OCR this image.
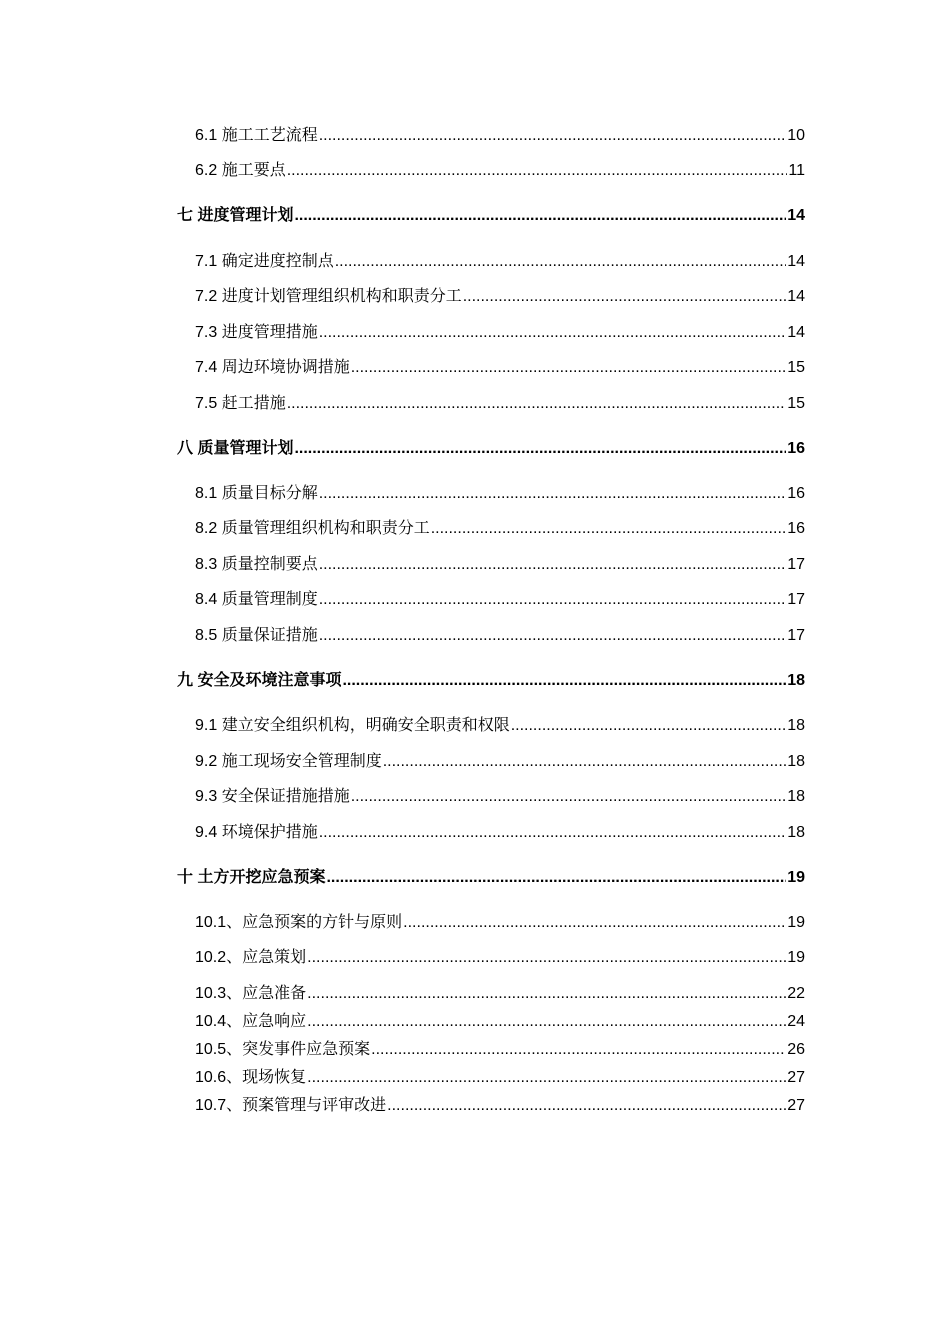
6.1 施工工艺流程 .....	10
6.2 施工要点 .....	11
七 进度管理计划 .....	14
7.1 确定进度控制点 .....	14
7.2 进度计划管理组织机构和职责分工 .....	14
7.3 进度管理措施 .....	14
7.4 周边环境协调措施 .....	15
7.5 赶工措施 .....	15
八 质量管理计划 .....	16
8.1 质量目标分解 .....	16
8.2 质量管理组织机构和职责分工 .....	16
8.3 质量控制要点 .....	17
8.4 质量管理制度 .....	17
8.5 质量保证措施 .....	17
九 安全及环境注意事项 .....	18
9.1 建立安全组织机构，明确安全职责和权限 .....	18
9.2 施工现场安全管理制度 .....	18
9.3 安全保证措施措施 .....	18
9.4 环境保护措施 .....	18
十 土方开挖应急预案 .....	19
10.1、应急预案的方针与原则 .....	19
10.2、应急策划 .....	19
10.3、应急准备 .....	22
10.4、应急响应 .....	24
10.5、突发事件应急预案 .....	26
10.6、现场恢复 .....	27
10.7、预案管理与评审改进 .....	27
